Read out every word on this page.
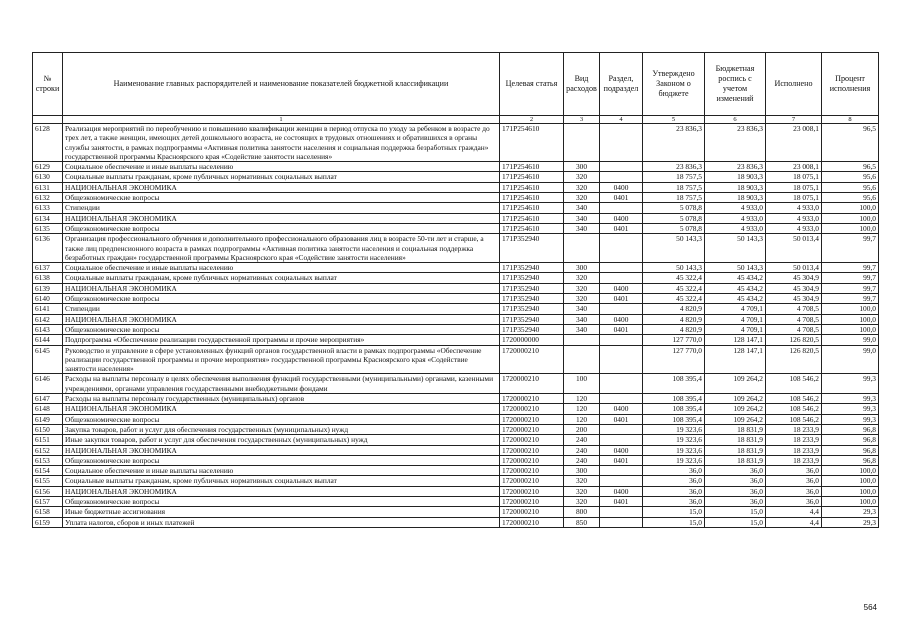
№ строки	Наименование главных распорядителей и наименование показателей бюджетной классификации	Целевая статья	Вид расходов	Раздел, подраздел	Утверждено Законом о бюджете	Бюджетная роспись с учетом изменений	Исполнено	Процент исполнения
	1	2	3	4	5	6	7	8
6128	Реализация мероприятий по переобучению и повышению квалификации женщин в период отпуска по уходу за ребенком в возрасте до трех лет, а также женщин, имеющих детей дошкольного возраста, не состоящих в трудовых отношениях и обратившихся в органы службы занятости, в рамках подпрограммы «Активная политика занятости населения и социальная поддержка безработных граждан» государственной программы Красноярского края «Содействие занятости населения»	171Р254610			23 836,3	23 836,3	23 008,1	96,5
6129	Социальное обеспечение и иные выплаты населению	171Р254610	300		23 836,3	23 836,3	23 008,1	96,5
6130	Социальные выплаты гражданам, кроме публичных нормативных социальных выплат	171Р254610	320		18 757,5	18 903,3	18 075,1	95,6
6131	НАЦИОНАЛЬНАЯ ЭКОНОМИКА	171Р254610	320	0400	18 757,5	18 903,3	18 075,1	95,6
6132	Общеэкономические вопросы	171Р254610	320	0401	18 757,5	18 903,3	18 075,1	95,6
6133	Стипендии	171Р254610	340		5 078,8	4 933,0	4 933,0	100,0
6134	НАЦИОНАЛЬНАЯ ЭКОНОМИКА	171Р254610	340	0400	5 078,8	4 933,0	4 933,0	100,0
6135	Общеэкономические вопросы	171Р254610	340	0401	5 078,8	4 933,0	4 933,0	100,0
6136	Организация профессионального обучения и дополнительного профессионального образования лиц в возрасте 50-ти лет и старше, а также лиц предпенсионного возраста в рамках подпрограммы «Активная политика занятости населения и социальная поддержка безработных граждан» государственной программы Красноярского края «Содействие занятости населения»	171Р352940			50 143,3	50 143,3	50 013,4	99,7
6137	Социальное обеспечение и иные выплаты населению	171Р352940	300		50 143,3	50 143,3	50 013,4	99,7
6138	Социальные выплаты гражданам, кроме публичных нормативных социальных выплат	171Р352940	320		45 322,4	45 434,2	45 304,9	99,7
6139	НАЦИОНАЛЬНАЯ ЭКОНОМИКА	171Р352940	320	0400	45 322,4	45 434,2	45 304,9	99,7
6140	Общеэкономические вопросы	171Р352940	320	0401	45 322,4	45 434,2	45 304,9	99,7
6141	Стипендии	171Р352940	340		4 820,9	4 709,1	4 708,5	100,0
6142	НАЦИОНАЛЬНАЯ ЭКОНОМИКА	171Р352940	340	0400	4 820,9	4 709,1	4 708,5	100,0
6143	Общеэкономические вопросы	171Р352940	340	0401	4 820,9	4 709,1	4 708,5	100,0
6144	Подпрограмма «Обеспечение реализации государственной программы и прочие мероприятия»	1720000000			127 770,0	128 147,1	126 820,5	99,0
6145	Руководство и управление в сфере установленных функций органов государственной власти в рамках подпрограммы «Обеспечение реализации государственной программы и прочие мероприятия» государственной программы Красноярского края «Содействие занятости населения»	1720000210			127 770,0	128 147,1	126 820,5	99,0
6146	Расходы на выплаты персоналу в целях обеспечения выполнения функций государственными (муниципальными) органами, казенными учреждениями, органами управления государственными внебюджетными фондами	1720000210	100		108 395,4	109 264,2	108 546,2	99,3
6147	Расходы на выплаты персоналу государственных (муниципальных) органов	1720000210	120		108 395,4	109 264,2	108 546,2	99,3
6148	НАЦИОНАЛЬНАЯ ЭКОНОМИКА	1720000210	120	0400	108 395,4	109 264,2	108 546,2	99,3
6149	Общеэкономические вопросы	1720000210	120	0401	108 395,4	109 264,2	108 546,2	99,3
6150	Закупка товаров, работ и услуг для обеспечения государственных (муниципальных) нужд	1720000210	200		19 323,6	18 831,9	18 233,9	96,8
6151	Иные закупки товаров, работ и услуг для обеспечения государственных (муниципальных) нужд	1720000210	240		19 323,6	18 831,9	18 233,9	96,8
6152	НАЦИОНАЛЬНАЯ ЭКОНОМИКА	1720000210	240	0400	19 323,6	18 831,9	18 233,9	96,8
6153	Общеэкономические вопросы	1720000210	240	0401	19 323,6	18 831,9	18 233,9	96,8
6154	Социальное обеспечение и иные выплаты населению	1720000210	300		36,0	36,0	36,0	100,0
6155	Социальные выплаты гражданам, кроме публичных нормативных социальных выплат	1720000210	320		36,0	36,0	36,0	100,0
6156	НАЦИОНАЛЬНАЯ ЭКОНОМИКА	1720000210	320	0400	36,0	36,0	36,0	100,0
6157	Общеэкономические вопросы	1720000210	320	0401	36,0	36,0	36,0	100,0
6158	Иные бюджетные ассигнования	1720000210	800		15,0	15,0	4,4	29,3
6159	Уплата налогов, сборов и иных платежей	1720000210	850		15,0	15,0	4,4	29,3
564
